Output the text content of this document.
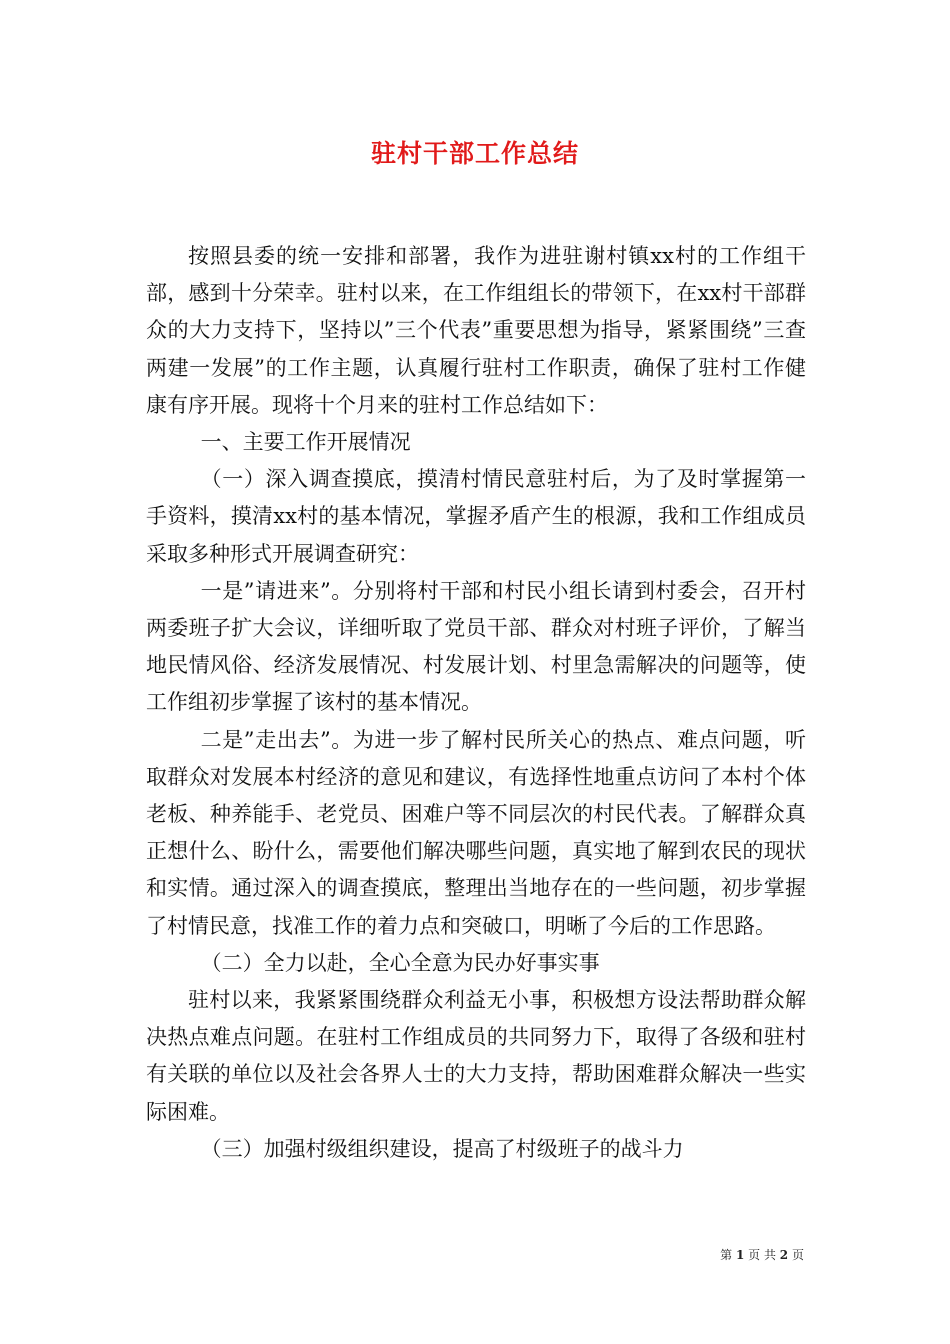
驻村干部工作总结

按照县委的统一安排和部署，我作为进驻谢村镇xx村的工作组干部，感到十分荣幸。驻村以来，在工作组组长的带领下，在xx村干部群众的大力支持下，坚持以”三个代表”重要思想为指导，紧紧围绕”三查两建一发展”的工作主题，认真履行驻村工作职责，确保了驻村工作健康有序开展。现将十个月来的驻村工作总结如下：

一、主要工作开展情况

（一）深入调查摸底，摸清村情民意驻村后，为了及时掌握第一手资料，摸清xx村的基本情况，掌握矛盾产生的根源，我和工作组成员采取多种形式开展调查研究：

一是”请进来”。分别将村干部和村民小组长请到村委会，召开村两委班子扩大会议，详细听取了党员干部、群众对村班子评价，了解当地民情风俗、经济发展情况、村发展计划、村里急需解决的问题等，使工作组初步掌握了该村的基本情况。

二是”走出去”。为进一步了解村民所关心的热点、难点问题，听取群众对发展本村经济的意见和建议，有选择性地重点访问了本村个体老板、种养能手、老党员、困难户等不同层次的村民代表。了解群众真正想什么、盼什么，需要他们解决哪些问题，真实地了解到农民的现状和实情。通过深入的调查摸底，整理出当地存在的一些问题，初步掌握了村情民意，找准工作的着力点和突破口，明晰了今后的工作思路。

（二）全力以赴，全心全意为民办好事实事

驻村以来，我紧紧围绕群众利益无小事，积极想方设法帮助群众解决热点难点问题。在驻村工作组成员的共同努力下，取得了各级和驻村有关联的单位以及社会各界人士的大力支持，帮助困难群众解决一些实际困难。

（三）加强村级组织建设，提高了村级班子的战斗力

第 1 页 共 2 页
